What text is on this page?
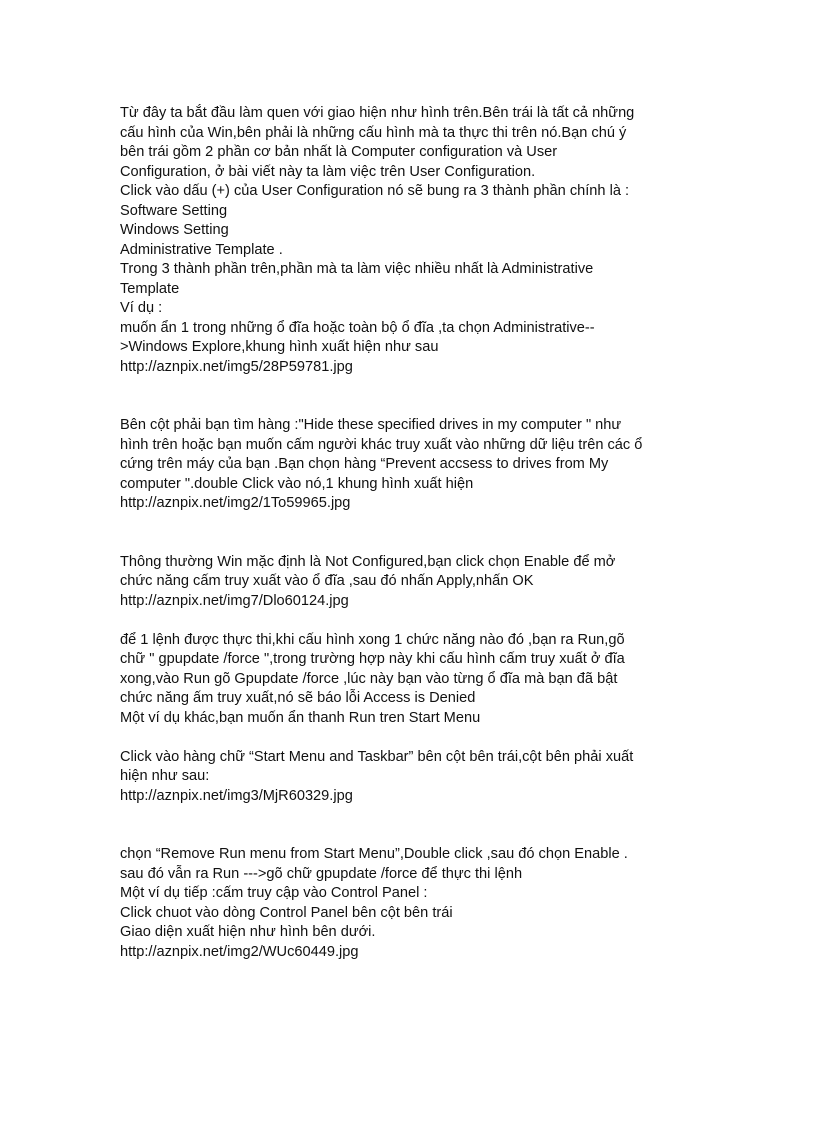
Từ đây ta bắt đầu làm quen với giao hiện như hình trên.Bên trái là tất cả những
cấu hình của Win,bên phải là những cấu hình mà ta thực thi trên nó.Bạn chú ý
bên trái gồm 2 phần cơ bản nhất là Computer configuration và User
Configuration, ở bài viết này ta làm việc trên User Configuration.
Click vào dấu (+) của User Configuration nó sẽ bung ra 3 thành phần chính là :
Software Setting
Windows Setting
Administrative Template .
Trong 3 thành phần trên,phần mà ta làm việc nhiều nhất là Administrative
Template
Ví dụ :
muốn ẩn 1 trong những ổ đĩa hoặc toàn bộ ổ đĩa ,ta chọn Administrative--
>Windows Explore,khung hình xuất hiện như sau
http://aznpix.net/img5/28P59781.jpg
Bên cột phải bạn tìm hàng :"Hide these specified drives in my computer " như
hình trên hoặc bạn muốn cấm người khác truy xuất vào những dữ liệu trên các ổ
cứng trên máy của bạn .Bạn chọn hàng “Prevent accsess to drives from My
computer ".double Click vào nó,1 khung hình xuất hiện
http://aznpix.net/img2/1To59965.jpg
Thông thường Win mặc định là Not Configured,bạn click chọn Enable để mở
chức năng cấm truy xuất vào ổ đĩa ,sau đó nhấn Apply,nhấn OK
http://aznpix.net/img7/Dlo60124.jpg
để 1 lệnh được thực thi,khi cấu hình xong 1 chức năng nào đó ,bạn ra Run,gõ
chữ " gpupdate /force ",trong trường hợp này khi cấu hình cấm truy xuất ở đĩa
xong,vào Run gõ Gpupdate /force ,lúc này bạn vào từng ổ đĩa mà bạn đã bật
chức năng ấm truy xuất,nó sẽ báo lỗi Access is Denied
Một ví dụ khác,bạn muốn ẩn thanh Run tren Start Menu
Click vào hàng chữ “Start Menu and Taskbar” bên cột bên trái,cột bên phải xuất
hiện như sau:
http://aznpix.net/img3/MjR60329.jpg
chọn “Remove Run menu from Start Menu”,Double click ,sau đó chọn Enable .
sau đó vẫn ra Run --->gõ chữ gpupdate /force để thực thi lệnh
Một ví dụ tiếp :cấm truy cập vào Control Panel :
Click chuot vào dòng Control Panel bên cột bên trái
Giao diện xuất hiện như hình bên dưới.
http://aznpix.net/img2/WUc60449.jpg
